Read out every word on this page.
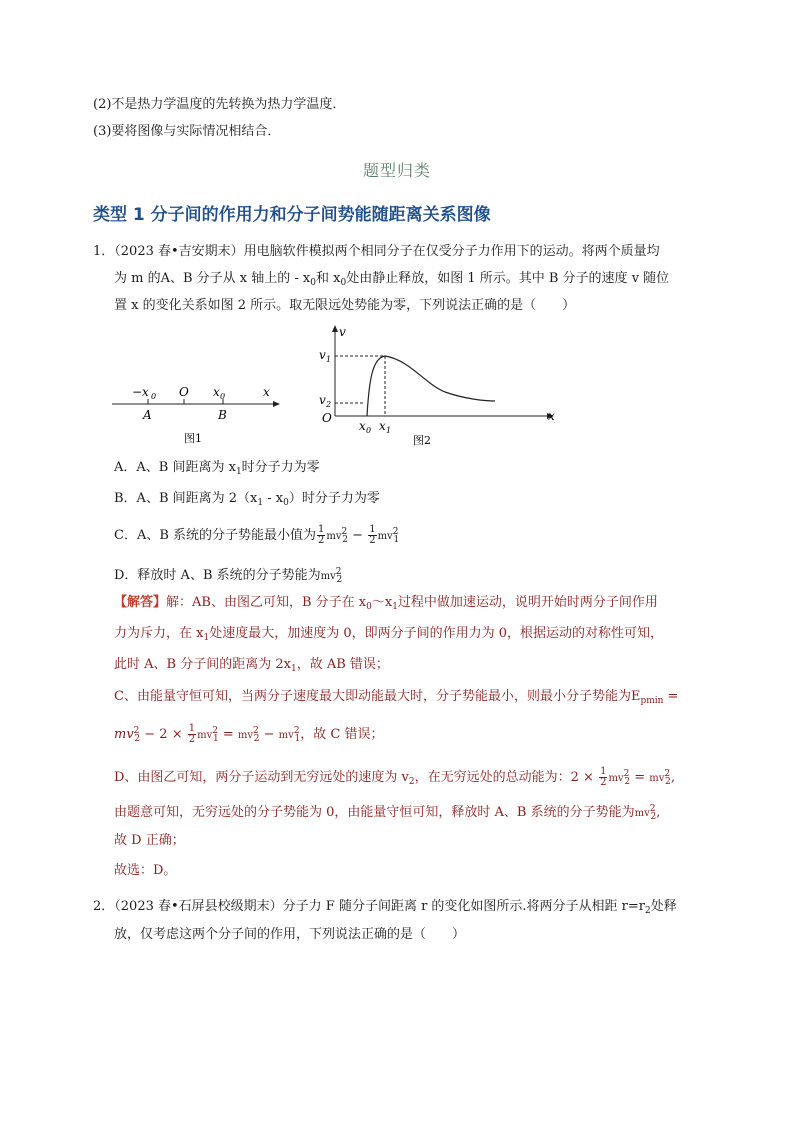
(2)不是热力学温度的先转换为热力学温度．
(3)要将图像与实际情况相结合．
题型归类
类型 1 分子间的作用力和分子间势能随距离关系图像
1．（2023 春•吉安期末）用电脑软件模拟两个相同分子在仅受分子力作用下的运动。将两个质量均
为 m 的A、B 分子从 x 轴上的 - $x_0$和 $x_0$处由静止释放，如图 1 所示。其中 B 分子的速度 v 随位
置 x 的变化关系如图 2 所示。取无限远处势能为零，下列说法正确的是（　　）
−x 0 O x 0	x
A	B
图1
v
v 1
v 2
O
x 0 x 1
x
图2
A．A、B 间距离为 $x_1$时分子力为零
B．A、B 间距离为 $2(x_1 - x_0)$时分子力为零
C．A、B 系统的分子势能最小值为 $\frac{1}{2} mv22 - \frac{1}{2} mv21$
D．释放时 A、B 系统的分子势能为mv22
【解答】解：AB、由图乙可知，B 分子在 $x_0\sim x_1$过程中做加速运动，说明开始时两分子间作用
力为斥力，在 $x_1$处速度最大，加速度为 0，即两分子间的作用力为 0，根据运动的对称性可知，
此时 A、B 分子间的距离为 $2x_1$，故 AB 错误；
C、由能量守恒可知，当两分子速度最大即动能最大时，分子势能最小，则最小分子势能为$E_{pmin}$ =
$mv^2_2 - 2 \times \frac{1}{2} mv21 = mv22 - mv21$，故 C 错误；
D、由图乙可知，两分子运动到无穷远处的速度为 $v_2$，在无穷远处的总动能为：$2 \times \frac{1}{2} mv22 = mv22$,
由题意可知，无穷远处的分子势能为 0，由能量守恒可知，释放时 A、B 系统的分子势能为mv22,
故 D 正确；
故选：D。
2．（2023 春•石屏县校级期末）分子力 F 随分子间距离 r 的变化如图所示.将两分子从相距 $r=r_2$处释
放，仅考虑这两个分子间的作用，下列说法正确的是（　　）
